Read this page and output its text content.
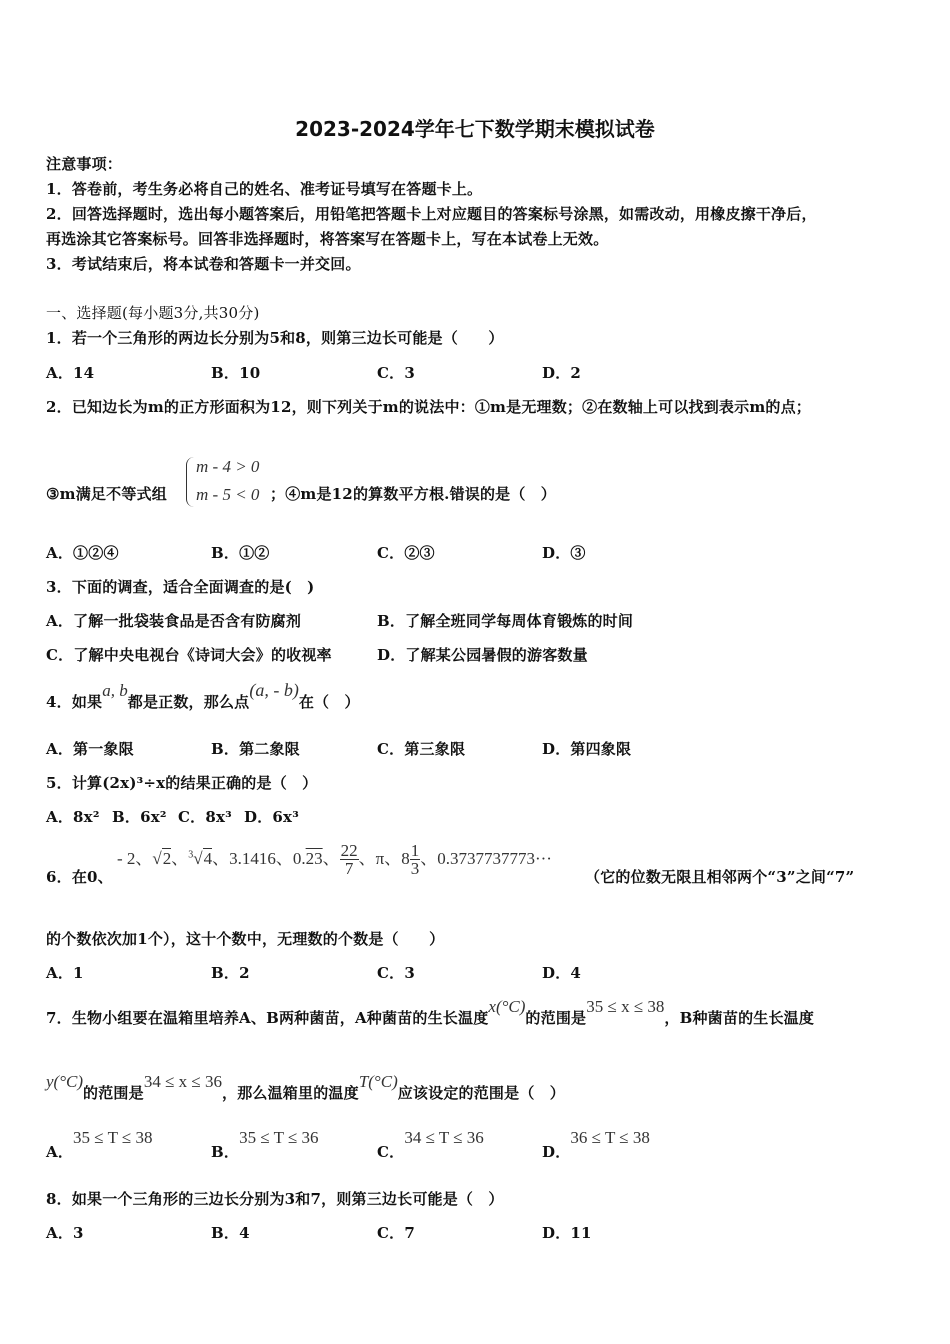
2023-2024学年七下数学期末模拟试卷
注意事项：
1．答卷前，考生务必将自己的姓名、准考证号填写在答题卡上。
2．回答选择题时，选出每小题答案后，用铅笔把答题卡上对应题目的答案标号涂黑，如需改动，用橡皮擦干净后，
再选涂其它答案标号。回答非选择题时，将答案写在答题卡上，写在本试卷上无效。
3．考试结束后，将本试卷和答题卡一并交回。
一、选择题(每小题3分,共30分)
1．若一个三角形的两边长分别为5和8，则第三边长可能是（　　）
A．14	B．10	C．3	D．2
2．已知边长为m的正方形面积为12，则下列关于m的说法中：①m是无理数；②在数轴上可以找到表示m的点；
③m满足不等式组
m - 4 > 0
m - 5 < 0 ；④m是12的算数平方根.错误的是（　）
A．①②④	B．①②	C．②③	D．③
3．下面的调查，适合全面调查的是(　)
A．了解一批袋装食品是否含有防腐剂	B．了解全班同学每周体育锻炼的时间
C．了解中央电视台《诗词大会》的收视率	D．了解某公园暑假的游客数量
4．如果a, b都是正数，那么点(a, - b)在（　）
A．第一象限	B．第二象限	C．第三象限	D．第四象限
5．计算(2x)³÷x的结果正确的是（　）
A．8x² B．6x² C．8x³ D．6x³
6．在0、
- 2、√2、$^3$√4、3.1416、0.23、 $\frac{22}{7}$ 、π、$8 \frac{1}{3}$ 、0.3737737773···
（它的位数无限且相邻两个“3”之间“7”
的个数依次加1个），这十个数中，无理数的个数是（　　）
A．1	B．2	C．3	D．4
7．生物小组要在温箱里培养A、B两种菌苗，A种菌苗的生长温度x(°C)的范围是35 ≤ x ≤ 38，B种菌苗的生长温度
y(°C)的范围是34 ≤ x ≤ 36，那么温箱里的温度T(°C)应该设定的范围是（　）
A．35 ≤ T ≤ 38
B．35 ≤ T ≤ 36
C．34 ≤ T ≤ 36
D．36 ≤ T ≤ 38
8．如果一个三角形的三边长分别为3和7，则第三边长可能是（　）
A．3	B．4	C．7	D．11
